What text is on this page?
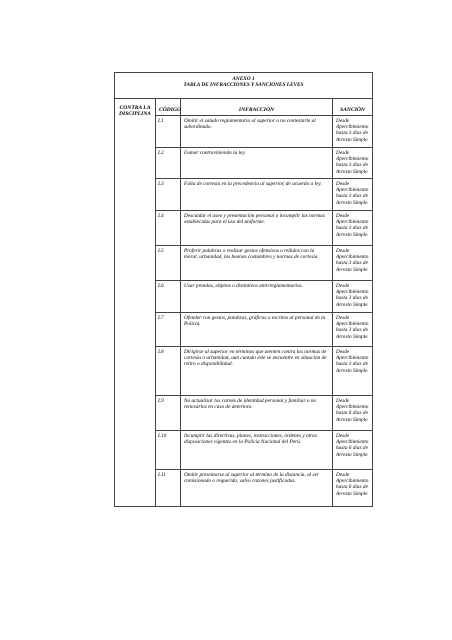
ANEXO 1
TABLA DE INFRACCIONES Y SANCIONES LEVES			

CONTRA LA DISCIPLINA	CÓDIGO	INFRACCIÓN	SANCIÓN
	L1	Omitir el saludo reglamentario al superior o no contestarle al subordinado.	Desde Apercibimiento hasta 3 días de Arresto Simple.
	L2	Fumar contraviniendo la ley.	Desde Apercibimiento hasta 3 días de Arresto Simple.
	L3	Falta de cortesía en la precedencia al superior, de acuerdo a ley.	Desde Apercibimiento hasta 3 días de Arresto Simple.
	L4	Descuidar el aseo y presentación personal o incumplir las normas establecidas para el uso del uniforme.	Desde Apercibimiento hasta 3 días de Arresto Simple.
	L5	Proferir palabras o realizar gestos ofensivos o reñidos con la moral, urbanidad, las buenas costumbres y normas de cortesía.	Desde Apercibimiento hasta 3 días de Arresto Simple.
	L6	Usar prendas, objetos o distintivos antirreglamentarios.	Desde Apercibimiento hasta 3 días de Arresto Simple.
	L7	Ofender con gestos, palabras, gráficos o escritos al personal de la Policía.	Desde Apercibimiento hasta 3 días de Arresto Simple.
	L8	Dirigirse al superior en términos que atenten contra las normas de cortesía o urbanidad, aun cuando éste se encuentre en situación de retiro o disponibilidad.	Desde Apercibimiento hasta 3 días de Arresto Simple.
	L9	No actualizar los carnés de identidad personal y familiar o no renovarlos en caso de deterioro.	Desde Apercibimiento hasta 6 días de Arresto Simple.
	L10	Incumplir las directivas, planes, instrucciones, órdenes y otras disposiciones vigentes en la Policía Nacional del Perú.	Desde Apercibimiento hasta 6 días de Arresto Simple.
	L11	Omitir presentarse al superior al término de la distancia, al ser comisionado o requerido, salvo razones justificadas.	Desde Apercibimiento hasta 6 días de Arresto Simple.
